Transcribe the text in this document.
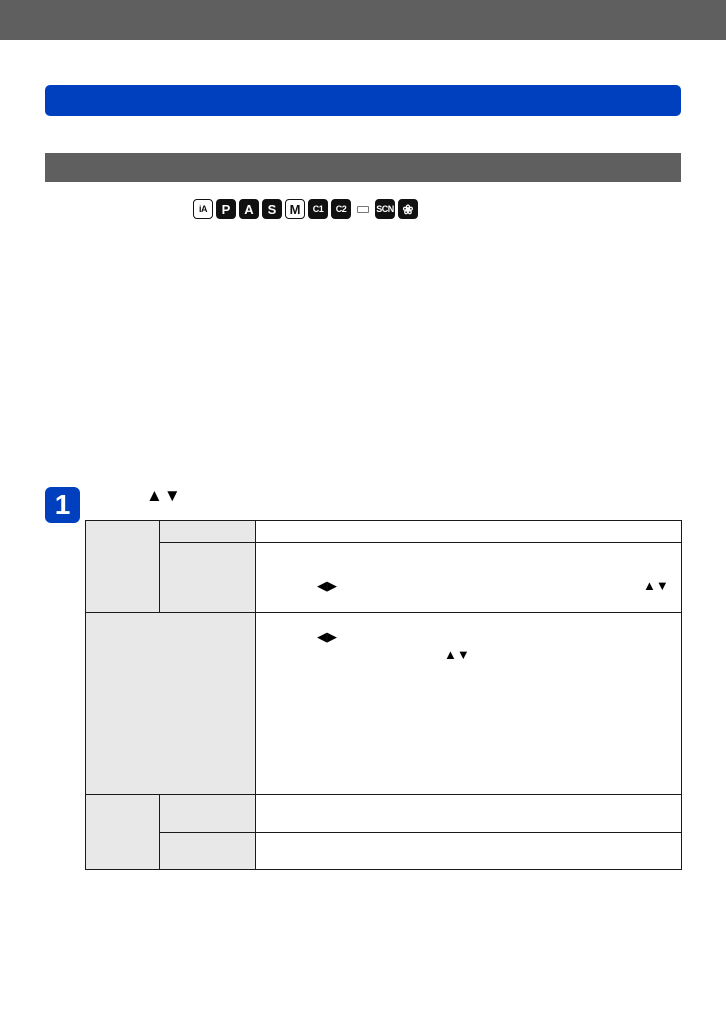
iA	P	A	S	M	C1	C2	SCN ❀
1	▲▼

◀▶	▲▼
◀▶
▲▼
